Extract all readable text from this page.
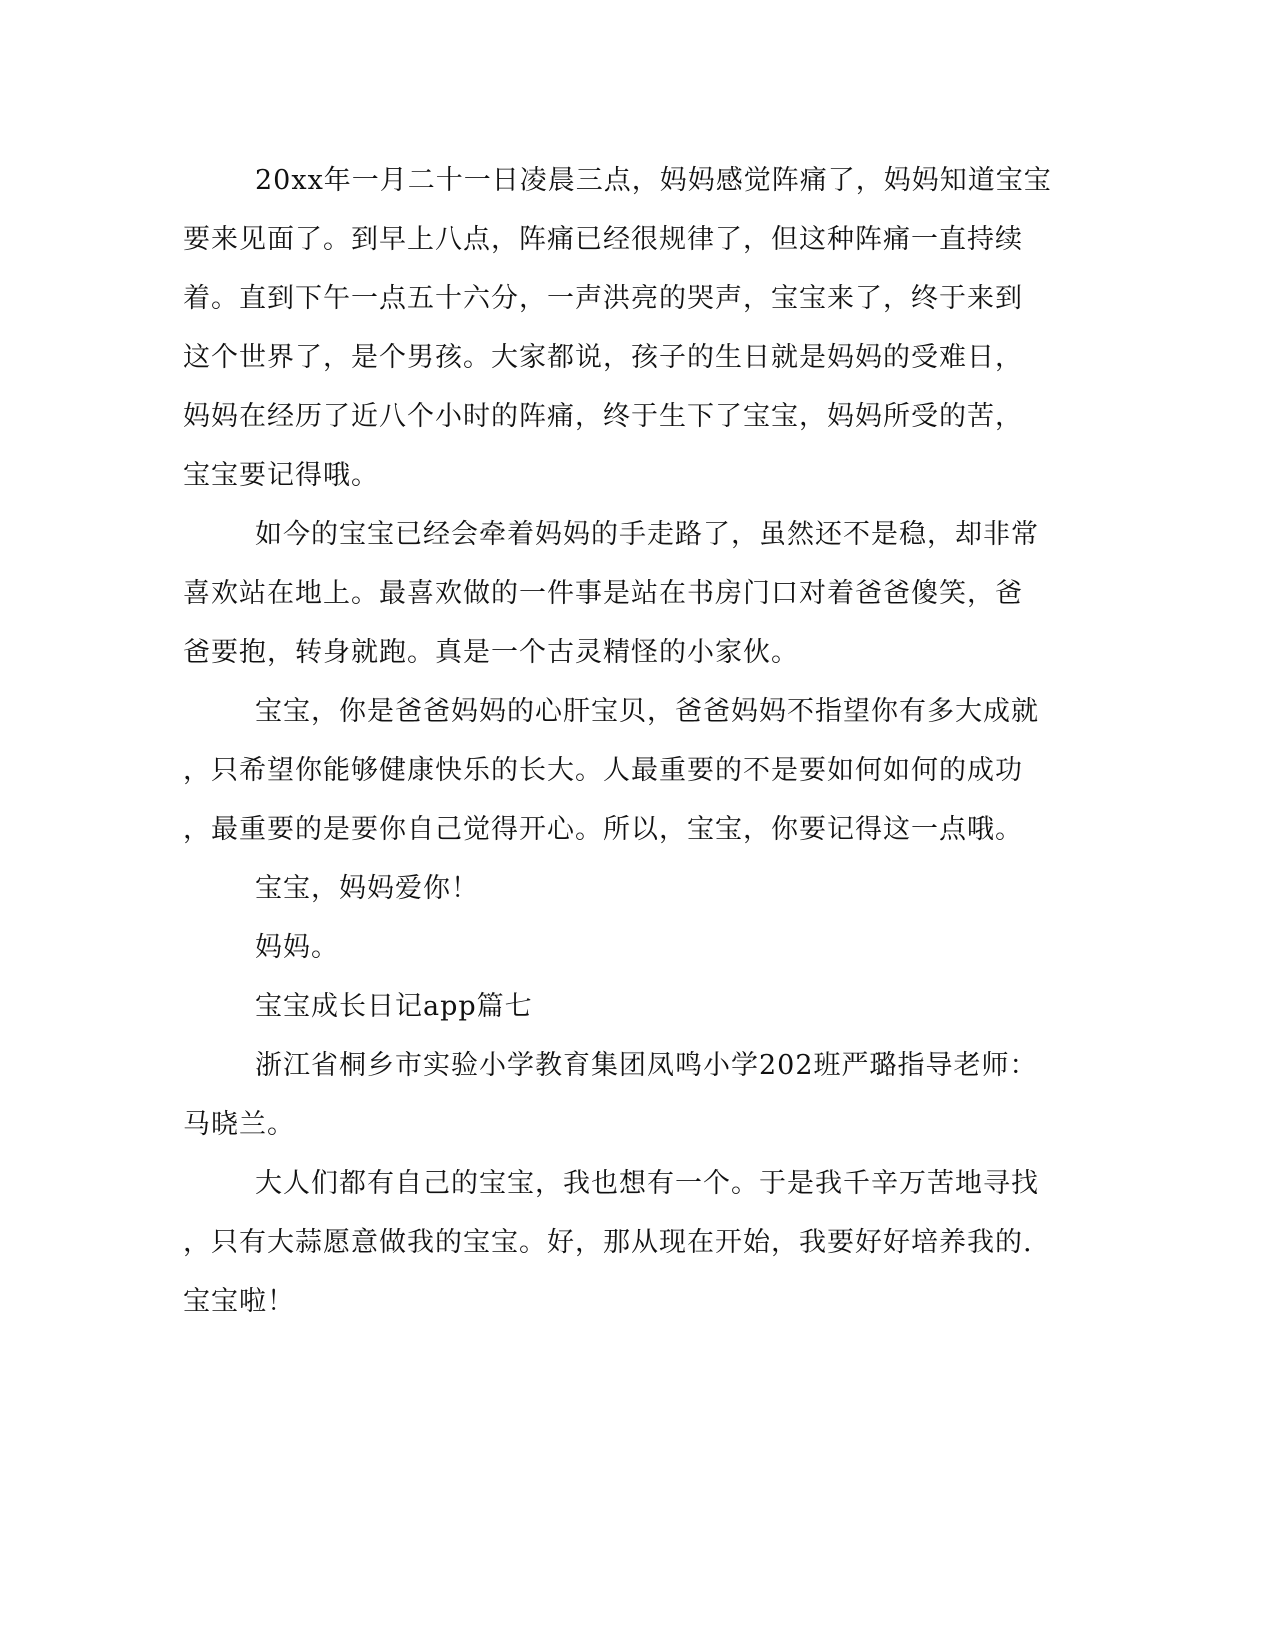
20xx年一月二十一日凌晨三点，妈妈感觉阵痛了，妈妈知道宝宝
要来见面了。到早上八点，阵痛已经很规律了，但这种阵痛一直持续
着。直到下午一点五十六分，一声洪亮的哭声，宝宝来了，终于来到
这个世界了，是个男孩。大家都说，孩子的生日就是妈妈的受难日，
妈妈在经历了近八个小时的阵痛，终于生下了宝宝，妈妈所受的苦，
宝宝要记得哦。
如今的宝宝已经会牵着妈妈的手走路了，虽然还不是稳，却非常
喜欢站在地上。最喜欢做的一件事是站在书房门口对着爸爸傻笑，爸
爸要抱，转身就跑。真是一个古灵精怪的小家伙。
宝宝，你是爸爸妈妈的心肝宝贝，爸爸妈妈不指望你有多大成就
，只希望你能够健康快乐的长大。人最重要的不是要如何如何的成功
，最重要的是要你自己觉得开心。所以，宝宝，你要记得这一点哦。
宝宝，妈妈爱你！
妈妈。
宝宝成长日记app篇七
浙江省桐乡市实验小学教育集团凤鸣小学202班严璐指导老师：
马晓兰。
大人们都有自己的宝宝，我也想有一个。于是我千辛万苦地寻找
，只有大蒜愿意做我的宝宝。好，那从现在开始，我要好好培养我的.
宝宝啦！
